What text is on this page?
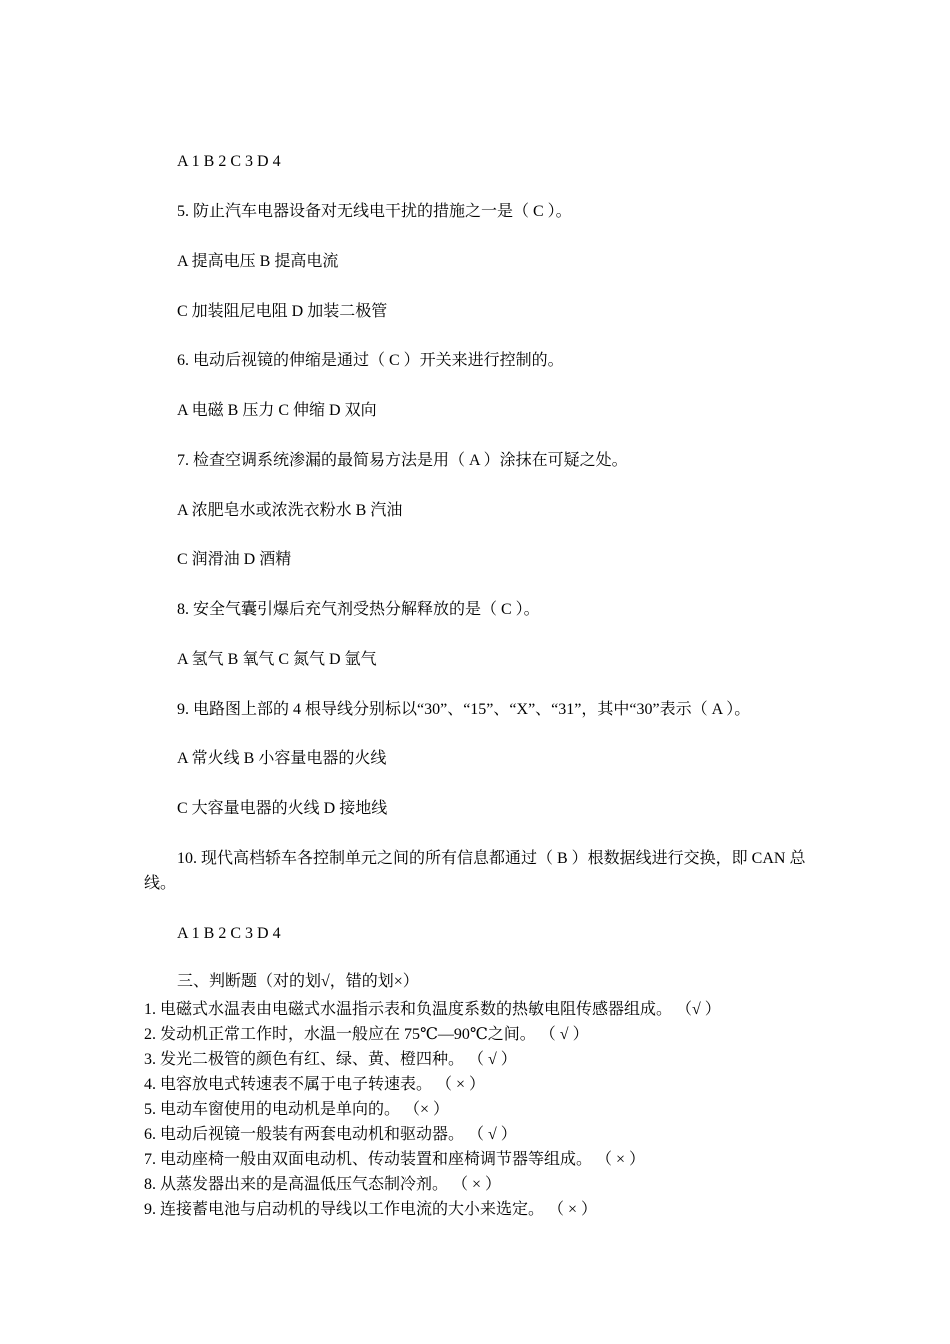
A 1 B 2 C 3 D 4
5. 防止汽车电器设备对无线电干扰的措施之一是（ C ）。
A 提高电压 B 提高电流
C 加装阻尼电阻 D 加装二极管
6. 电动后视镜的伸缩是通过（ C ）开关来进行控制的。
A 电磁 B 压力 C 伸缩 D 双向
7. 检查空调系统渗漏的最简易方法是用（ A ）涂抹在可疑之处。
A 浓肥皂水或浓洗衣粉水 B 汽油
C 润滑油 D 酒精
8. 安全气囊引爆后充气剂受热分解释放的是（ C ）。
A 氢气 B 氧气 C 氮气 D 氩气
9. 电路图上部的 4 根导线分别标以“30”、“15”、“X”、“31”，其中“30”表示（ A ）。
A 常火线 B 小容量电器的火线
C 大容量电器的火线 D 接地线
10. 现代高档轿车各控制单元之间的所有信息都通过（ B ）根数据线进行交换，即 CAN 总线。
A 1 B 2 C 3 D 4
三、判断题（对的划√，错的划×）
1. 电磁式水温表由电磁式水温指示表和负温度系数的热敏电阻传感器组成。 （√ ）
2. 发动机正常工作时，水温一般应在 75℃—90℃之间。 （ √ ）
3. 发光二极管的颜色有红、绿、黄、橙四种。 （ √ ）
4. 电容放电式转速表不属于电子转速表。 （ × ）
5. 电动车窗使用的电动机是单向的。 （× ）
6. 电动后视镜一般装有两套电动机和驱动器。 （ √ ）
7. 电动座椅一般由双面电动机、传动装置和座椅调节器等组成。 （ × ）
8. 从蒸发器出来的是高温低压气态制冷剂。 （ × ）
9. 连接蓄电池与启动机的导线以工作电流的大小来选定。 （ × ）
